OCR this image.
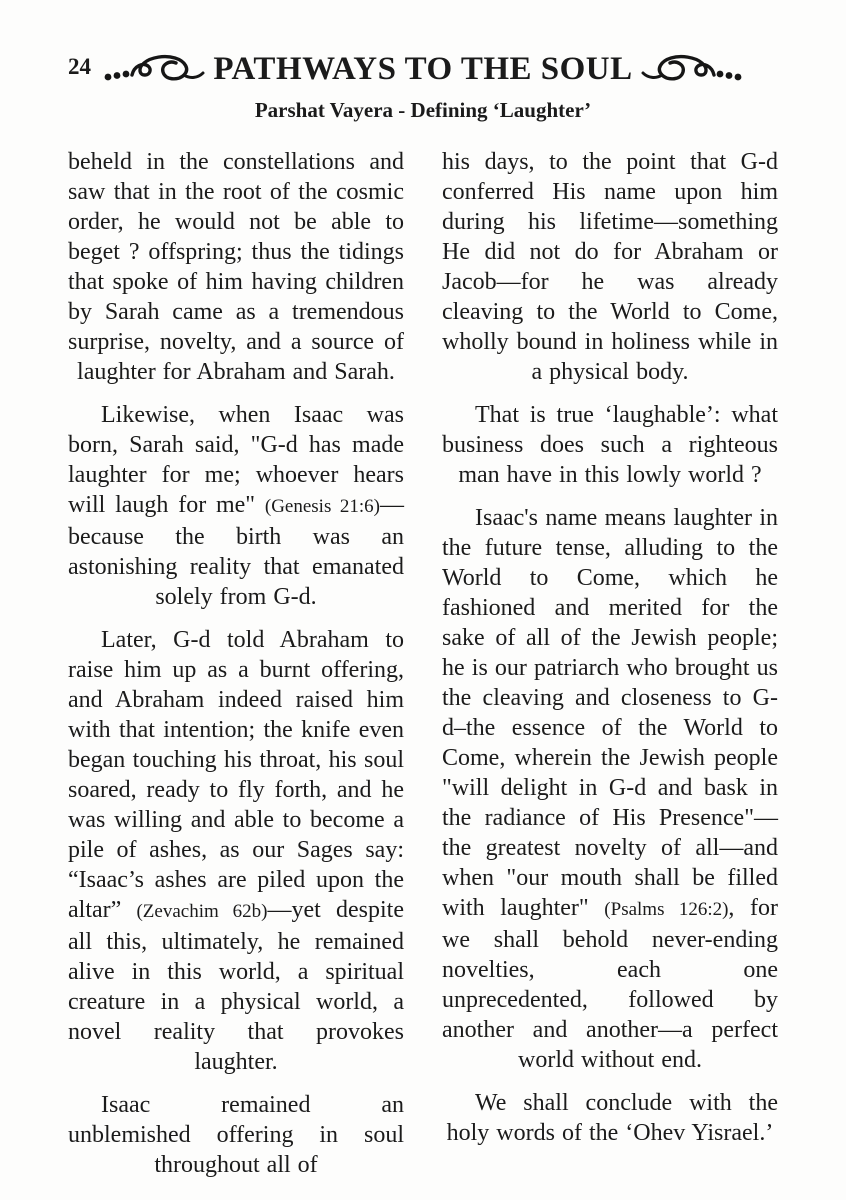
24	PATHWAYS TO THE SOUL
Parshat Vayera - Defining ‘Laughter’

beheld in the constellations and saw that in the root of the cosmic order, he would not be able to beget ? offspring; thus the tidings that spoke of him having children by Sarah came as a tremendous surprise, novelty, and a source of laughter for Abraham and Sarah.

Likewise, when Isaac was born, Sarah said, "G-d has made laughter for me; whoever hears will laugh for me" (Genesis 21:6)—because the birth was an astonishing reality that emanated solely from G-d.

Later, G-d told Abraham to raise him up as a burnt offering, and Abraham indeed raised him with that intention; the knife even began touching his throat, his soul soared, ready to fly forth, and he was willing and able to become a pile of ashes, as our Sages say: “Isaac’s ashes are piled upon the altar” (Zevachim 62b)—yet despite all this, ultimately, he remained alive in this world, a spiritual creature in a physical world, a novel reality that provokes laughter.

Isaac remained an unblemished offering in soul throughout all of

his days, to the point that G-d conferred His name upon him during his lifetime—something He did not do for Abraham or Jacob—for he was already cleaving to the World to Come, wholly bound in holiness while in a physical body.

That is true ‘laughable’: what business does such a righteous man have in this lowly world ?

Isaac's name means laughter in the future tense, alluding to the World to Come, which he fashioned and merited for the sake of all of the Jewish people; he is our patriarch who brought us the cleaving and closeness to G-d–the essence of the World to Come, wherein the Jewish people "will delight in G-d and bask in the radiance of His Presence"—the greatest novelty of all—and when "our mouth shall be filled with laughter" (Psalms 126:2), for we shall behold never-ending novelties, each one unprecedented, followed by another and another—a perfect world without end.

We shall conclude with the holy words of the ‘Ohev Yisrael.’
